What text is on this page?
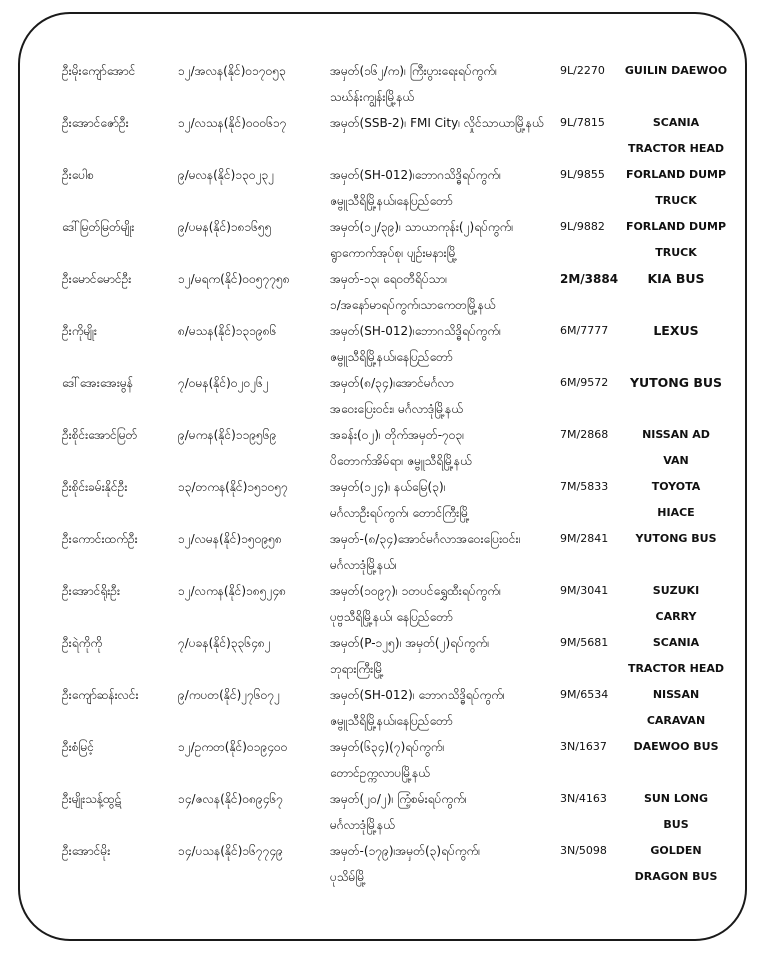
ဦးမိုးကျော်အောင်	၁၂/အလန(နိုင်)၀၁၇၀၅၃	အမှတ်(၁၆၂/က)၊ ကြီးပွားရေးရပ်ကွက်၊
သဃ်န်းကျွန်းမြို့နယ်
9L/2270	GUILIN DAEWOO
ဦးအောင်ဇော်ဦး	၁၂/လသန(နိုင်)၀၀၀၆၁၇	အမှတ်(SSB-2)၊ FMI City၊ လှိုင်သာယာမြို့နယ် 9L/7815	SCANIA
TRACTOR HEAD
ဦးပေါစ	၉/မလန(နိုင်)၁၃၀၂၃၂	အမှတ်(SH-012)၊ဘောဂသိဒ္ဓိရပ်ကွက်၊
ဇမ္ဗူသီရိမြို့နယ်၊နေပြည်တော်
9L/9855	FORLAND DUMP
TRUCK
ဒေါ်မြတ်မြတ်မျိုး	၉/ပမန(နိုင်)၁၈၁၆၅၅	အမှတ်(၁၂/၃၉)၊ သာယာကုန်း(၂)ရပ်ကွက်၊
ရွာကောက်အုပ်စု၊ ပျဉ်းမနားမြို့
9L/9882	FORLAND DUMP
TRUCK
ဦးမောင်မောင်ဦး	၁၂/မရက(နိုင်)၀၀၅၇၇၅၈	အမှတ်-၁၃၊ ရေဝတီရိပ်သာ၊
၁/အနော်မာရပ်ကွက်၊သာကေတမြို့နယ်
2M/3884	KIA BUS
ဦးကိုမျိုး	၈/မသန(နိုင်)၁၃၁၉၈၆	အမှတ်(SH-012)၊ဘောဂသိဒ္ဓိရပ်ကွက်၊
ဇမ္ဗူသီရိမြို့နယ်၊နေပြည်တော်
6M/7777	LEXUS
ဒေါ်အေးအေးမွန်	၇/ဝမန(နိုင်)၀၂၀၂၆၂	အမှတ်(၈/၃၄)၊အောင်မင်္ဂလာ
အဝေးပြေးဝင်း၊ မင်္ဂလာဒုံမြို့နယ်
6M/9572	YUTONG BUS
ဦးစိုင်းအောင်မြတ်	၉/မကန(နိုင်)၁၁၉၅၆၉	အခန်း(၀၂)၊ တိုက်အမှတ်-၇၀၃၊
ပိတောက်အိမ်ရာ၊ ဇမ္ဗူသီရိမြို့နယ်
7M/2868	NISSAN AD
VAN
ဦးစိုင်းခမ်းနိုင်ဦး	၁၃/တကန(နိုင်)၁၅၁၀၅၇	အမှတ်(၁၂၄)၊ နယ်မြေ(၃)၊
မင်္ဂလာဦးရပ်ကွက်၊ တောင်ကြီးမြို့
7M/5833	TOYOTA
HIACE
ဦးကောင်းထက်ဦး	၁၂/လမန(နိုင်)၁၅၀၉၅၈	အမှတ်-(၈/၃၄)အောင်မင်္ဂလာအဝေးပြေးဝင်း၊
မင်္ဂလာဒုံမြို့နယ်၊
9M/2841	YUTONG BUS
ဦးအောင်ရိုးဦး	၁၂/လကန(နိုင်)၁၈၅၂၄၈	အမှတ်(၁၀၉၇)၊ ၁တပင်ရွှေထီးရပ်ကွက်၊
ပုဗ္ဗသီရိမြို့နယ်၊ နေပြည်တော်
9M/3041	SUZUKI
CARRY
ဦးရဲကိုကို	၇/ပခန(နိုင်)၃၃၆၄၈၂	အမှတ်(P-၁၂၅)၊ အမှတ်(၂)ရပ်ကွက်၊
ဘုရားကြီးမြို့
9M/5681	SCANIA
TRACTOR HEAD
ဦးကျော်ဆန်းလင်း	၉/ကပတ(နိုင်)၂၇၆၀၇၂	အမှတ်(SH-012)၊ ဘောဂသိဒ္ဓိရပ်ကွက်၊
ဇမ္ဗူသီရိမြို့နယ်၊နေပြည်တော်
9M/6534	NISSAN
CARAVAN
ဦးစံမြင့်	၁၂/ဥကတ(နိုင်)၀၁၉၄၀၀	အမှတ်(၆၃၄)(၇)ရပ်ကွက်၊
တောင်ဥက္ကလာပမြို့နယ်
3N/1637	DAEWOO BUS
ဦးမျိုးသန့်ထွဋ်	၁၄/ဇလန(နိုင်)၀၈၉၄၆၇	အမှတ်(၂၀/၂)၊ ကြံ့စမ်းရပ်ကွက်၊
မင်္ဂလာဒုံမြို့နယ်
3N/4163	SUN LONG
BUS
ဦးအောင်မိုး	၁၄/ပသန(နိုင်)၁၆၇၇၄၉	အမှတ်-(၁၇၉)၊အမှတ်(၃)ရပ်ကွက်၊
ပုသိမ်မြို့
3N/5098	GOLDEN
DRAGON BUS
